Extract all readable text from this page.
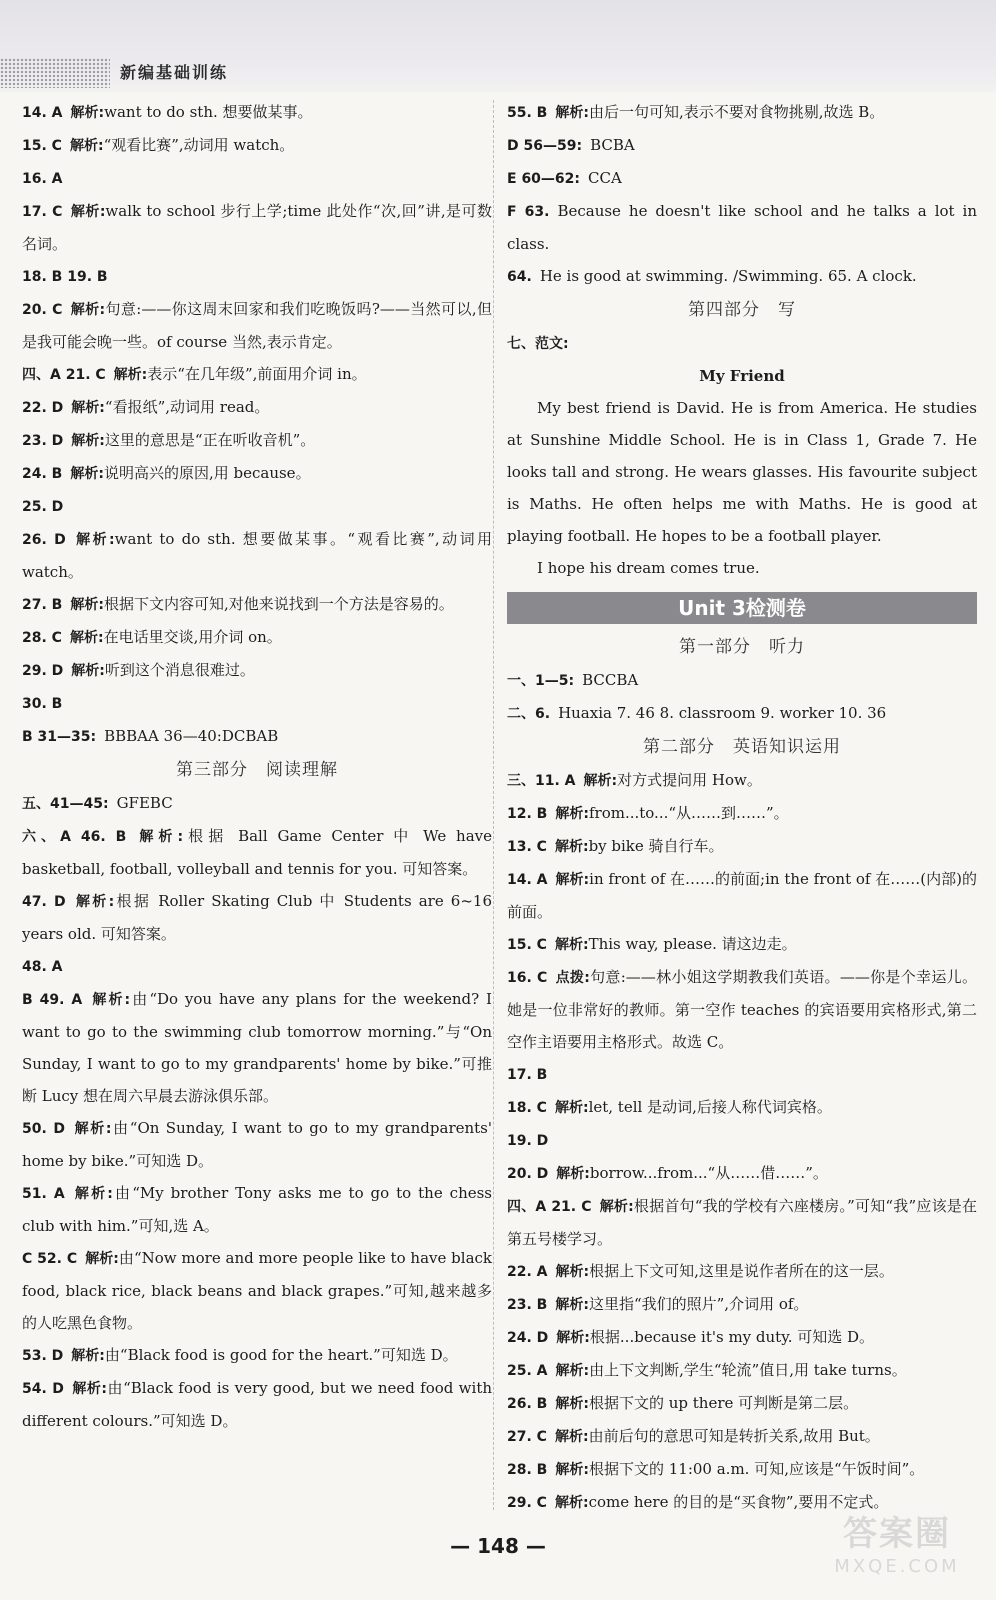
新编基础训练
14. A 解析:want to do sth. 想要做某事。
15. C 解析:“观看比赛”,动词用 watch。
16. A
17. C 解析:walk to school 步行上学;time 此处作“次,回”讲,是可数名词。
18. B 19. B
20. C 解析:句意:——你这周末回家和我们吃晚饭吗?——当然可以,但是我可能会晚一些。of course 当然,表示肯定。
四、A 21. C 解析:表示“在几年级”,前面用介词 in。
22. D 解析:“看报纸”,动词用 read。
23. D 解析:这里的意思是“正在听收音机”。
24. B 解析:说明高兴的原因,用 because。
25. D
26. D 解析:want to do sth. 想要做某事。“观看比赛”,动词用 watch。
27. B 解析:根据下文内容可知,对他来说找到一个方法是容易的。
28. C 解析:在电话里交谈,用介词 on。
29. D 解析:听到这个消息很难过。
30. B
B 31—35: BBBAA 36—40:DCBAB
第三部分　阅读理解
五、41—45: GFEBC
六、A 46. B 解析:根据 Ball Game Center 中 We have basketball, football, volleyball and tennis for you. 可知答案。
47. D 解析:根据 Roller Skating Club 中 Students are 6~16 years old. 可知答案。
48. A
B 49. A 解析:由“Do you have any plans for the weekend? I want to go to the swimming club tomorrow morning.”与“On Sunday, I want to go to my grandparents' home by bike.”可推断 Lucy 想在周六早晨去游泳俱乐部。
50. D 解析:由“On Sunday, I want to go to my grandparents' home by bike.”可知选 D。
51. A 解析:由“My brother Tony asks me to go to the chess club with him.”可知,选 A。
C 52. C 解析:由“Now more and more people like to have black food, black rice, black beans and black grapes.”可知,越来越多的人吃黑色食物。
53. D 解析:由“Black food is good for the heart.”可知选 D。
54. D 解析:由“Black food is very good, but we need food with different colours.”可知选 D。
55. B 解析:由后一句可知,表示不要对食物挑剔,故选 B。
D 56—59: BCBA
E 60—62: CCA
F 63. Because he doesn't like school and he talks a lot in class.
64. He is good at swimming. /Swimming. 65. A clock.
第四部分　写
七、范文:
My Friend

My best friend is David. He is from America. He studies at Sunshine Middle School. He is in Class 1, Grade 7. He looks tall and strong. He wears glasses. His favourite subject is Maths. He often helps me with Maths. He is good at playing football. He hopes to be a football player.

I hope his dream comes true.

Unit 3检测卷
第一部分　听力
一、1—5: BCCBA
二、6. Huaxia 7. 46 8. classroom 9. worker 10. 36
第二部分　英语知识运用
三、11. A 解析:对方式提问用 How。
12. B 解析:from...to...“从……到……”。
13. C 解析:by bike 骑自行车。
14. A 解析:in front of 在……的前面;in the front of 在……(内部)的前面。
15. C 解析:This way, please. 请这边走。
16. C 点拨:句意:——林小姐这学期教我们英语。——你是个幸运儿。她是一位非常好的教师。第一空作 teaches 的宾语要用宾格形式,第二空作主语要用主格形式。故选 C。
17. B
18. C 解析:let, tell 是动词,后接人称代词宾格。
19. D
20. D 解析:borrow...from...“从……借……”。
四、A 21. C 解析:根据首句“我的学校有六座楼房。”可知“我”应该是在第五号楼学习。
22. A 解析:根据上下文可知,这里是说作者所在的这一层。
23. B 解析:这里指“我们的照片”,介词用 of。
24. D 解析:根据...because it's my duty. 可知选 D。
25. A 解析:由上下文判断,学生“轮流”值日,用 take turns。
26. B 解析:根据下文的 up there 可判断是第二层。
27. C 解析:由前后句的意思可知是转折关系,故用 But。
28. B 解析:根据下文的 11:00 a.m. 可知,应该是“午饭时间”。
29. C 解析:come here 的目的是“买食物”,要用不定式。
— 148 —	答案圈
MXQE.COM
